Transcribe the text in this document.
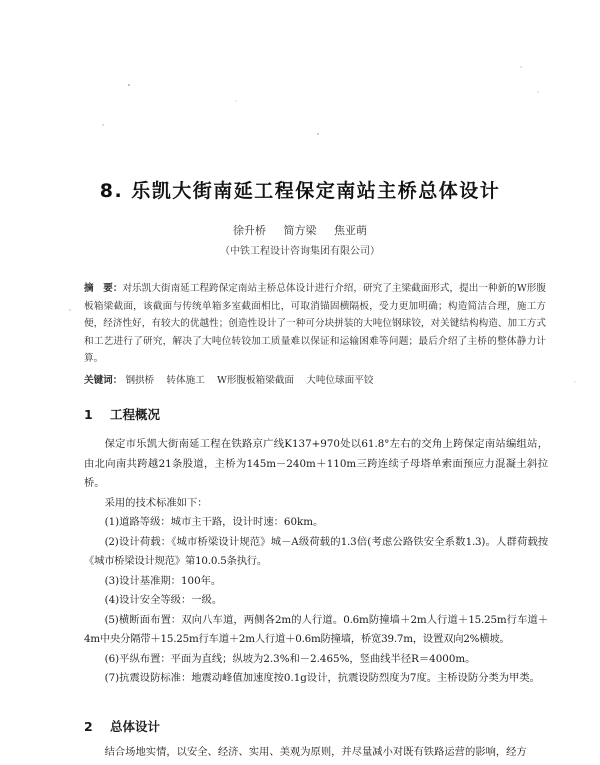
8. 乐凯大街南延工程保定南站主桥总体设计
徐升桥 简方梁 焦亚萌
（中铁工程设计咨询集团有限公司）
摘　要：对乐凯大街南延工程跨保定南站主桥总体设计进行介绍，研究了主梁截面形式，提出一种新的W形腹板箱梁截面，该截面与传统单箱多室截面相比，可取消锚固横隔板，受力更加明确；构造简洁合理，施工方便，经济性好，有较大的优越性；创造性设计了一种可分块拼装的大吨位钢球铰，对关键结构构造、加工方式和工艺进行了研究，解决了大吨位转铰加工质量难以保证和运输困难等问题；最后介绍了主桥的整体静力计算。
关键词： 钢拱桥 转体施工 W形腹板箱梁截面 大吨位球面平铰
1 工程概况

保定市乐凯大街南延工程在铁路京广线K137+970处以61.8°左右的交角上跨保定南站编组站，由北向南共跨越21条股道，主桥为145m－240m＋110m三跨连续子母塔单索面预应力混凝土斜拉桥。

采用的技术标准如下：

(1)道路等级：城市主干路，设计时速：60km。

(2)设计荷载：《城市桥梁设计规范》城－A级荷载的1.3倍(考虑公路铁安全系数1.3)。人群荷载按《城市桥梁设计规范》第10.0.5条执行。

(3)设计基准期：100年。

(4)设计安全等级：一级。

(5)横断面布置：双向八车道，两侧各2m的人行道。0.6m防撞墙＋2m人行道＋15.25m行车道＋4m中央分隔带＋15.25m行车道＋2m人行道＋0.6m防撞墙，桥宽39.7m，设置双向2%横坡。

(6)平纵布置：平面为直线；纵坡为2.3%和－2.465%，竖曲线半径R＝4000m。

(7)抗震设防标准：地震动峰值加速度按0.1g设计，抗震设防烈度为7度。主桥设防分类为甲类。

2 总体设计

结合场地实情，以安全、经济、实用、美观为原则，并尽量减小对既有铁路运营的影响，经方
